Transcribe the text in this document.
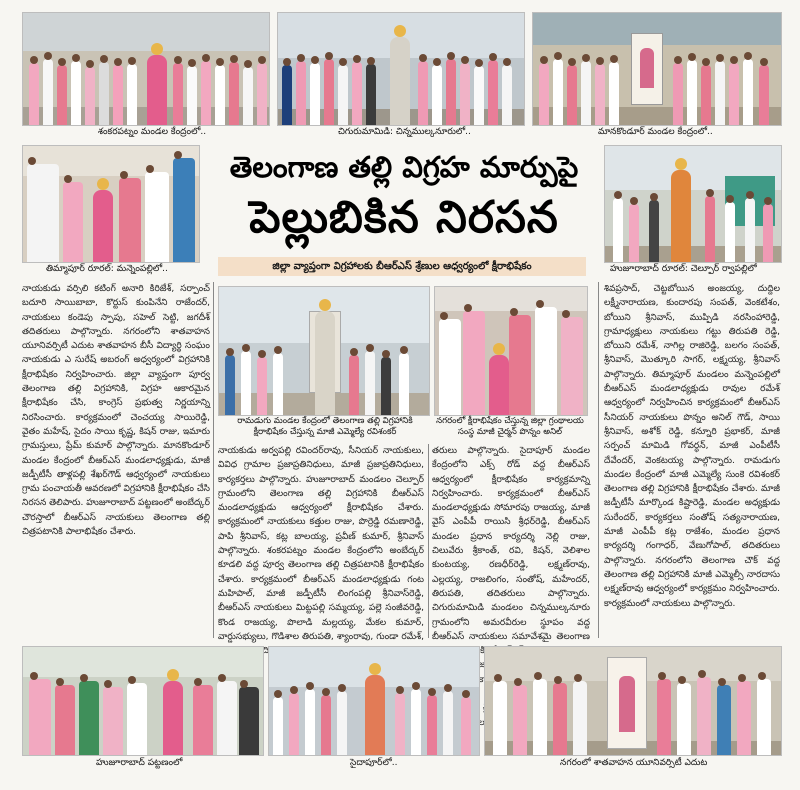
శంకరపట్నం మండల కేంద్రంలో..	చిగురుమామిడి: చిన్నముల్కనూరులో..	మానకొండూర్ మండల కేంద్రంలో..
తిమ్మాపూర్ రూరల్: మన్నెంపల్లిలో..	హుజూరాబాద్ రూరల్: చెల్పూర్ ర్వాపల్లిలో
తెలంగాణ తల్లి విగ్రహ మార్పుపై
పెల్లుబికిన నిరసన
జిల్లా వ్యాప్తంగా విగ్రహాలకు బీఆర్‌ఎస్ శ్రేణుల ఆధ్వర్యంలో క్షీరాభిషేకం
రామడుగు మండల కేంద్రంలో తెలంగాణ తల్లి విగ్రహానికి క్షీరాభిషేకం చేస్తున్న మాజీ ఎమ్మెల్యే రవిశంకర్
నగరంలో క్షీరాభిషేకం చేస్తున్న జిల్లా గ్రంథాలయ సంస్థ మాజీ చైర్మన్ పొన్నం అనిల్
నాయకుడు వర్సిలి కటింగ్ అనారి కిరిజేశ్, సర్పాంచ్ బదూరి సాయిబాబా, కొర్టుస్ కుంపినేని రాజేందర్, నాయకులు కండెపు స్పాపు, సహెల్ సెట్టి, జగదీశ్ తదితరులు పాల్గొన్నారు. నగరంలోని శాతవాహన యూనివర్సిటీ ఎదుట శాతవాహన బీసీ విద్యార్థి సంఘం నాయకుడు ఎ సురేష్ అబరంగ్ అధ్వర్యంలో విగ్రహానికి క్షీరాభిషేకం నిర్వహించారు. జిల్లా వ్యాప్తంగా పూర్వ తెలంగాణ తల్లి విగ్రహానికి, విగ్రహ ఆకారమైన క్షీరాభిషేకం చేసి, కాంగ్రెస్ ప్రభుత్వ నిర్ణయాన్ని నిరసించారు. కార్యక్రమంలో చెంచయ్య సాయిరెడ్డి, వైతం మహేష్, సైదం సాయి కృష్ణ, కిషన్ రాజు, ఇమారు గ్రామస్తులు, ప్రేమ్ కుమార్ పాల్గొన్నారు. మానకొండూర్ మండల కేంద్రంలో బీఆర్‌ఎస్ మండలాధ్యక్షుడు, మాజీ జడ్పీటీసీ తాళ్లపల్లి శేఖర్‌గౌడ్ ఆధ్వర్యంలో నాయకులు గ్రామ పంచాయతీ ఆవరణలో విగ్రహానికి క్షీరాభిషేకం చేసి నిరసన తెలిపారు. హుజూరాబాద్ పట్టణంలో అంబేద్కర్ చౌరస్తాలో బీఆర్‌ఎస్ నాయకులు తెలంగాణ తల్లి చిత్రపటానికి పాలాభిషేకం చేశారు.
నాయకుడు అర్వపల్లి రవిందర్‌రావు, సీనియర్ నాయకులు, వివిధ గ్రామాల ప్రజాప్రతినిధులు, మాజీ ప్రజాప్రతినిధులు, కార్యకర్తలు పాల్గొన్నారు. హుజూరాబాద్ మండలం చెల్పూర్ గ్రామంలోని తెలంగాణ తల్లి విగ్రహానికి బీఆర్‌ఎస్ మండలాధ్యక్షుడు ఆధ్వర్యంలో క్షీరాభిషేకం చేశారు. కార్యక్రమంలో నాయకులు కత్తుల రాజు, పొర్రెడ్డి రమణారెడ్డి, పాపి శ్రీనివాస్, కట్ల బాలయ్య, ప్రవీణ్ కుమార్, శ్రీనివాస్ పాల్గొన్నారు. శంకరపట్నం మండల కేంద్రంలోని అంబేద్కర్ కూడలి వద్ద పూర్వ తెలంగాణ తల్లి చిత్రపటానికి క్షీరాభిషేకం చేశారు. కార్యక్రమంలో బీఆర్‌ఎస్ మండలాధ్యక్షుడు గంట మహిపాల్, మాజీ జడ్పీటీసీ లింగంపల్లి శ్రీనివాస్‌రెడ్డి, బీఆర్‌ఎస్ నాయకులు మిట్టపల్లి సమ్మయ్య, పల్లె సంజీవరెడ్డి, కొండ రాజయ్య, పొలాడి మల్లయ్య, మేకల కుమార్, వార్డుసభ్యులు, గొడిశాల తిరుపతి, శ్యాంరావు, గుండా రమేశ్,
తరులు పాల్గొన్నారు. సైదాపూర్ మండల కేంద్రంలోని ఎక్స్ రోడ్ వద్ద బీఆర్‌ఎస్ ఆధ్వర్యంలో క్షీరాభిషేకం కార్యక్రమాన్ని నిర్వహించారు. కార్యక్రమంలో బీఆర్‌ఎస్ మండలాధ్యక్షుడు సోమారపు రాజయ్య, మాజీ వైస్ ఎంపీపీ రాయిసి శ్రీధర్‌రెడ్డి, బీఆర్‌ఎస్ మండల ప్రధాన కార్యదర్శి నెల్లి రాజు, చిలువేరు శ్రీకాంత్, రవి, కిషన్, వెలిశాల కుంటయ్య, రణధీర్‌రెడ్డి, లక్ష్మణ్‌రావు, ఎల్లయ్య, రాజలింగం, సంతోష్, మహేందర్, తిరుపతి, తదితరులు పాల్గొన్నారు. చిగురుమామిడి మండలం చిన్నముల్కనూరు గ్రామంలోని అమరవీరుల స్థూపం వద్ద బీఆర్‌ఎస్ నాయకులు సమావేశమై తెలంగాణ
శివప్రసాద్, చెట్టబోయిన అంజయ్య, దుద్దిల లక్ష్మీనారాయణ, కుందారపు సంపత్, వెంకటేశం, బోయిని శ్రీనివాస్, ముప్పిడి నరసింహారెడ్డి, గ్రామాధ్యక్షులు నాయకులు గట్టు తిరుపతి రెడ్డి, బోయిని రమేశ్, నాగిల్ల రాజిరెడ్డి, బలగం సంపత్, శ్రీనివాస్, మొత్కూరి సాగర్, లక్ష్మయ్య, శ్రీనివాస్ పాల్గొన్నారు. తిమ్మాపూర్ మండలం మన్నెంపల్లిలో బీఆర్‌ఎస్ మండలాధ్యక్షుడు రావుల రమేశ్ ఆధ్వర్యంలో నిర్వహించిన కార్యక్రమంలో బీఆర్‌ఎస్ సీనియర్ నాయకులు పొన్నం అనిల్ గౌడ్, సాయి శ్రీనివాస్, అశోక్ రెడ్డి, కన్నూరి ప్రభాకర్, మాజీ సర్పంచ్ మామిడి గోవర్ధన్, మాజీ ఎంపీటీసీ దేవేందర్, వెంకటయ్య పాల్గొన్నారు. రామడుగు మండల కేంద్రంలో మాజీ ఎమ్మెల్యే సుంకె రవిశంకర్ తెలంగాణ తల్లి విగ్రహానికి క్షీరాభిషేకం చేశారు. మాజీ జడ్పీటీసీ మార్కొండ కిష్టారెడ్డి, మండల అధ్యక్షుడు సురేందర్, కార్యకర్తలు సంతోష్ సత్యనారాయణ, మాజీ ఎంపీపీ కట్ల రాజేశం, మండల ప్రధాన కార్యదర్శి గంగాధర్, వేణుగోపాల్, తదితరులు పాల్గొన్నారు. నగరంలోని తెలంగాణ చౌక్ వద్ద తెలంగాణ తల్లి విగ్రహానికి మాజీ ఎమ్మెల్సీ నారదాసు లక్ష్మణ్‌రావు ఆధ్వర్యంలో కార్యక్రమం నిర్వహించారు. కార్యక్రమంలో నాయకులు పాల్గొన్నారు.
హుజూరాబాద్ పట్టణంలో	సైదాపూర్‌లో..	నగరంలో శాతవాహన యూనివర్సిటీ ఎదుట
